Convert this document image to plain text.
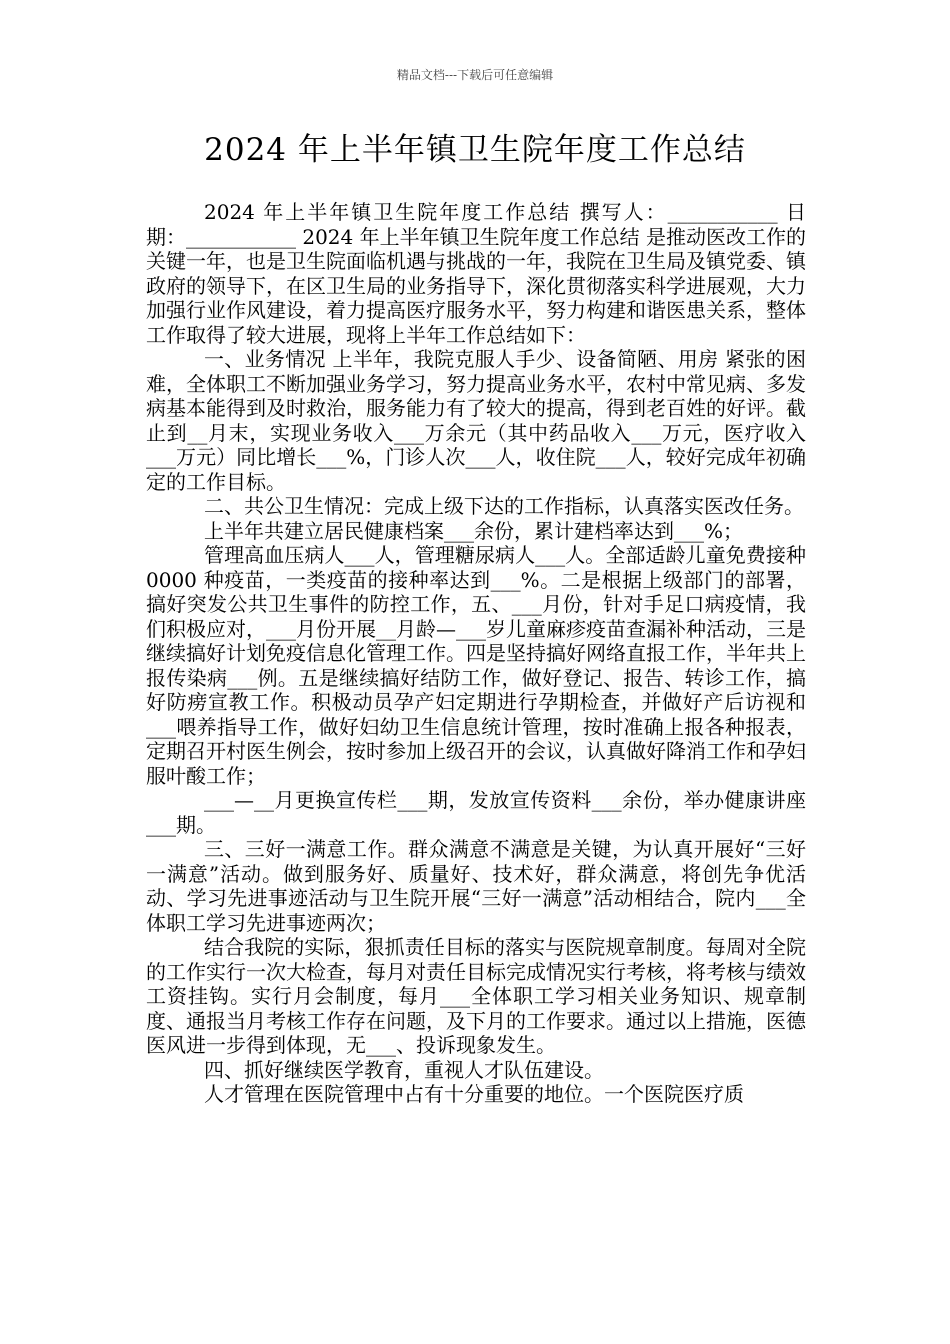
精品文档---下载后可任意编辑
2024 年上半年镇卫生院年度工作总结

2024 年上半年镇卫生院年度工作总结 撰写人：___________ 日 期：___________ 2024 年上半年镇卫生院年度工作总结 是推动医改工作的关键一年，也是卫生院面临机遇与挑战的一年，我院在卫生局及镇党委、镇政府的领导下，在区卫生局的业务指导下，深化贯彻落实科学进展观，大力加强行业作风建设，着力提高医疗服务水平，努力构建和谐医患关系，整体工作取得了较大进展，现将上半年工作总结如下：

一、业务情况 上半年，我院克服人手少、设备简陋、用房 紧张的困难，全体职工不断加强业务学习，努力提高业务水平，农村中常见病、多发病基本能得到及时救治，服务能力有了较大的提高，得到老百姓的好评。截止到__月末，实现业务收入___万余元（其中药品收入___万元，医疗收入___万元）同比增长___%，门诊人次___人，收住院___人，较好完成年初确定的工作目标。

二、共公卫生情况：完成上级下达的工作指标，认真落实医改任务。

上半年共建立居民健康档案___余份，累计建档率达到___%；

管理高血压病人___人，管理糖尿病人___人。全部适龄儿童免费接种 0000 种疫苗，一类疫苗的接种率达到___%。二是根据上级部门的部署，搞好突发公共卫生事件的防控工作，五、___月份，针对手足口病疫情，我们积极应对，___月份开展__月龄—___岁儿童麻疹疫苗查漏补种活动，三是继续搞好计划免疫信息化管理工作。四是坚持搞好网络直报工作，半年共上报传染病___例。五是继续搞好结防工作，做好登记、报告、转诊工作，搞好防痨宣教工作。积极动员孕产妇定期进行孕期检查，并做好产后访视和___喂养指导工作，做好妇幼卫生信息统计管理，按时准确上报各种报表，定期召开村医生例会，按时参加上级召开的会议，认真做好降消工作和孕妇服叶酸工作；

___—__月更换宣传栏___期，发放宣传资料___余份，举办健康讲座___期。

三、三好一满意工作。群众满意不满意是关键，为认真开展好“三好一满意”活动。做到服务好、质量好、技术好，群众满意，将创先争优活动、学习先进事迹活动与卫生院开展“三好一满意”活动相结合，院内___全体职工学习先进事迹两次；

结合我院的实际，狠抓责任目标的落实与医院规章制度。每周对全院的工作实行一次大检查，每月对责任目标完成情况实行考核，将考核与绩效工资挂钩。实行月会制度，每月___全体职工学习相关业务知识、规章制度、通报当月考核工作存在问题，及下月的工作要求。通过以上措施，医德医风进一步得到体现，无___、投诉现象发生。

四、抓好继续医学教育，重视人才队伍建设。

人才管理在医院管理中占有十分重要的地位。一个医院医疗质
